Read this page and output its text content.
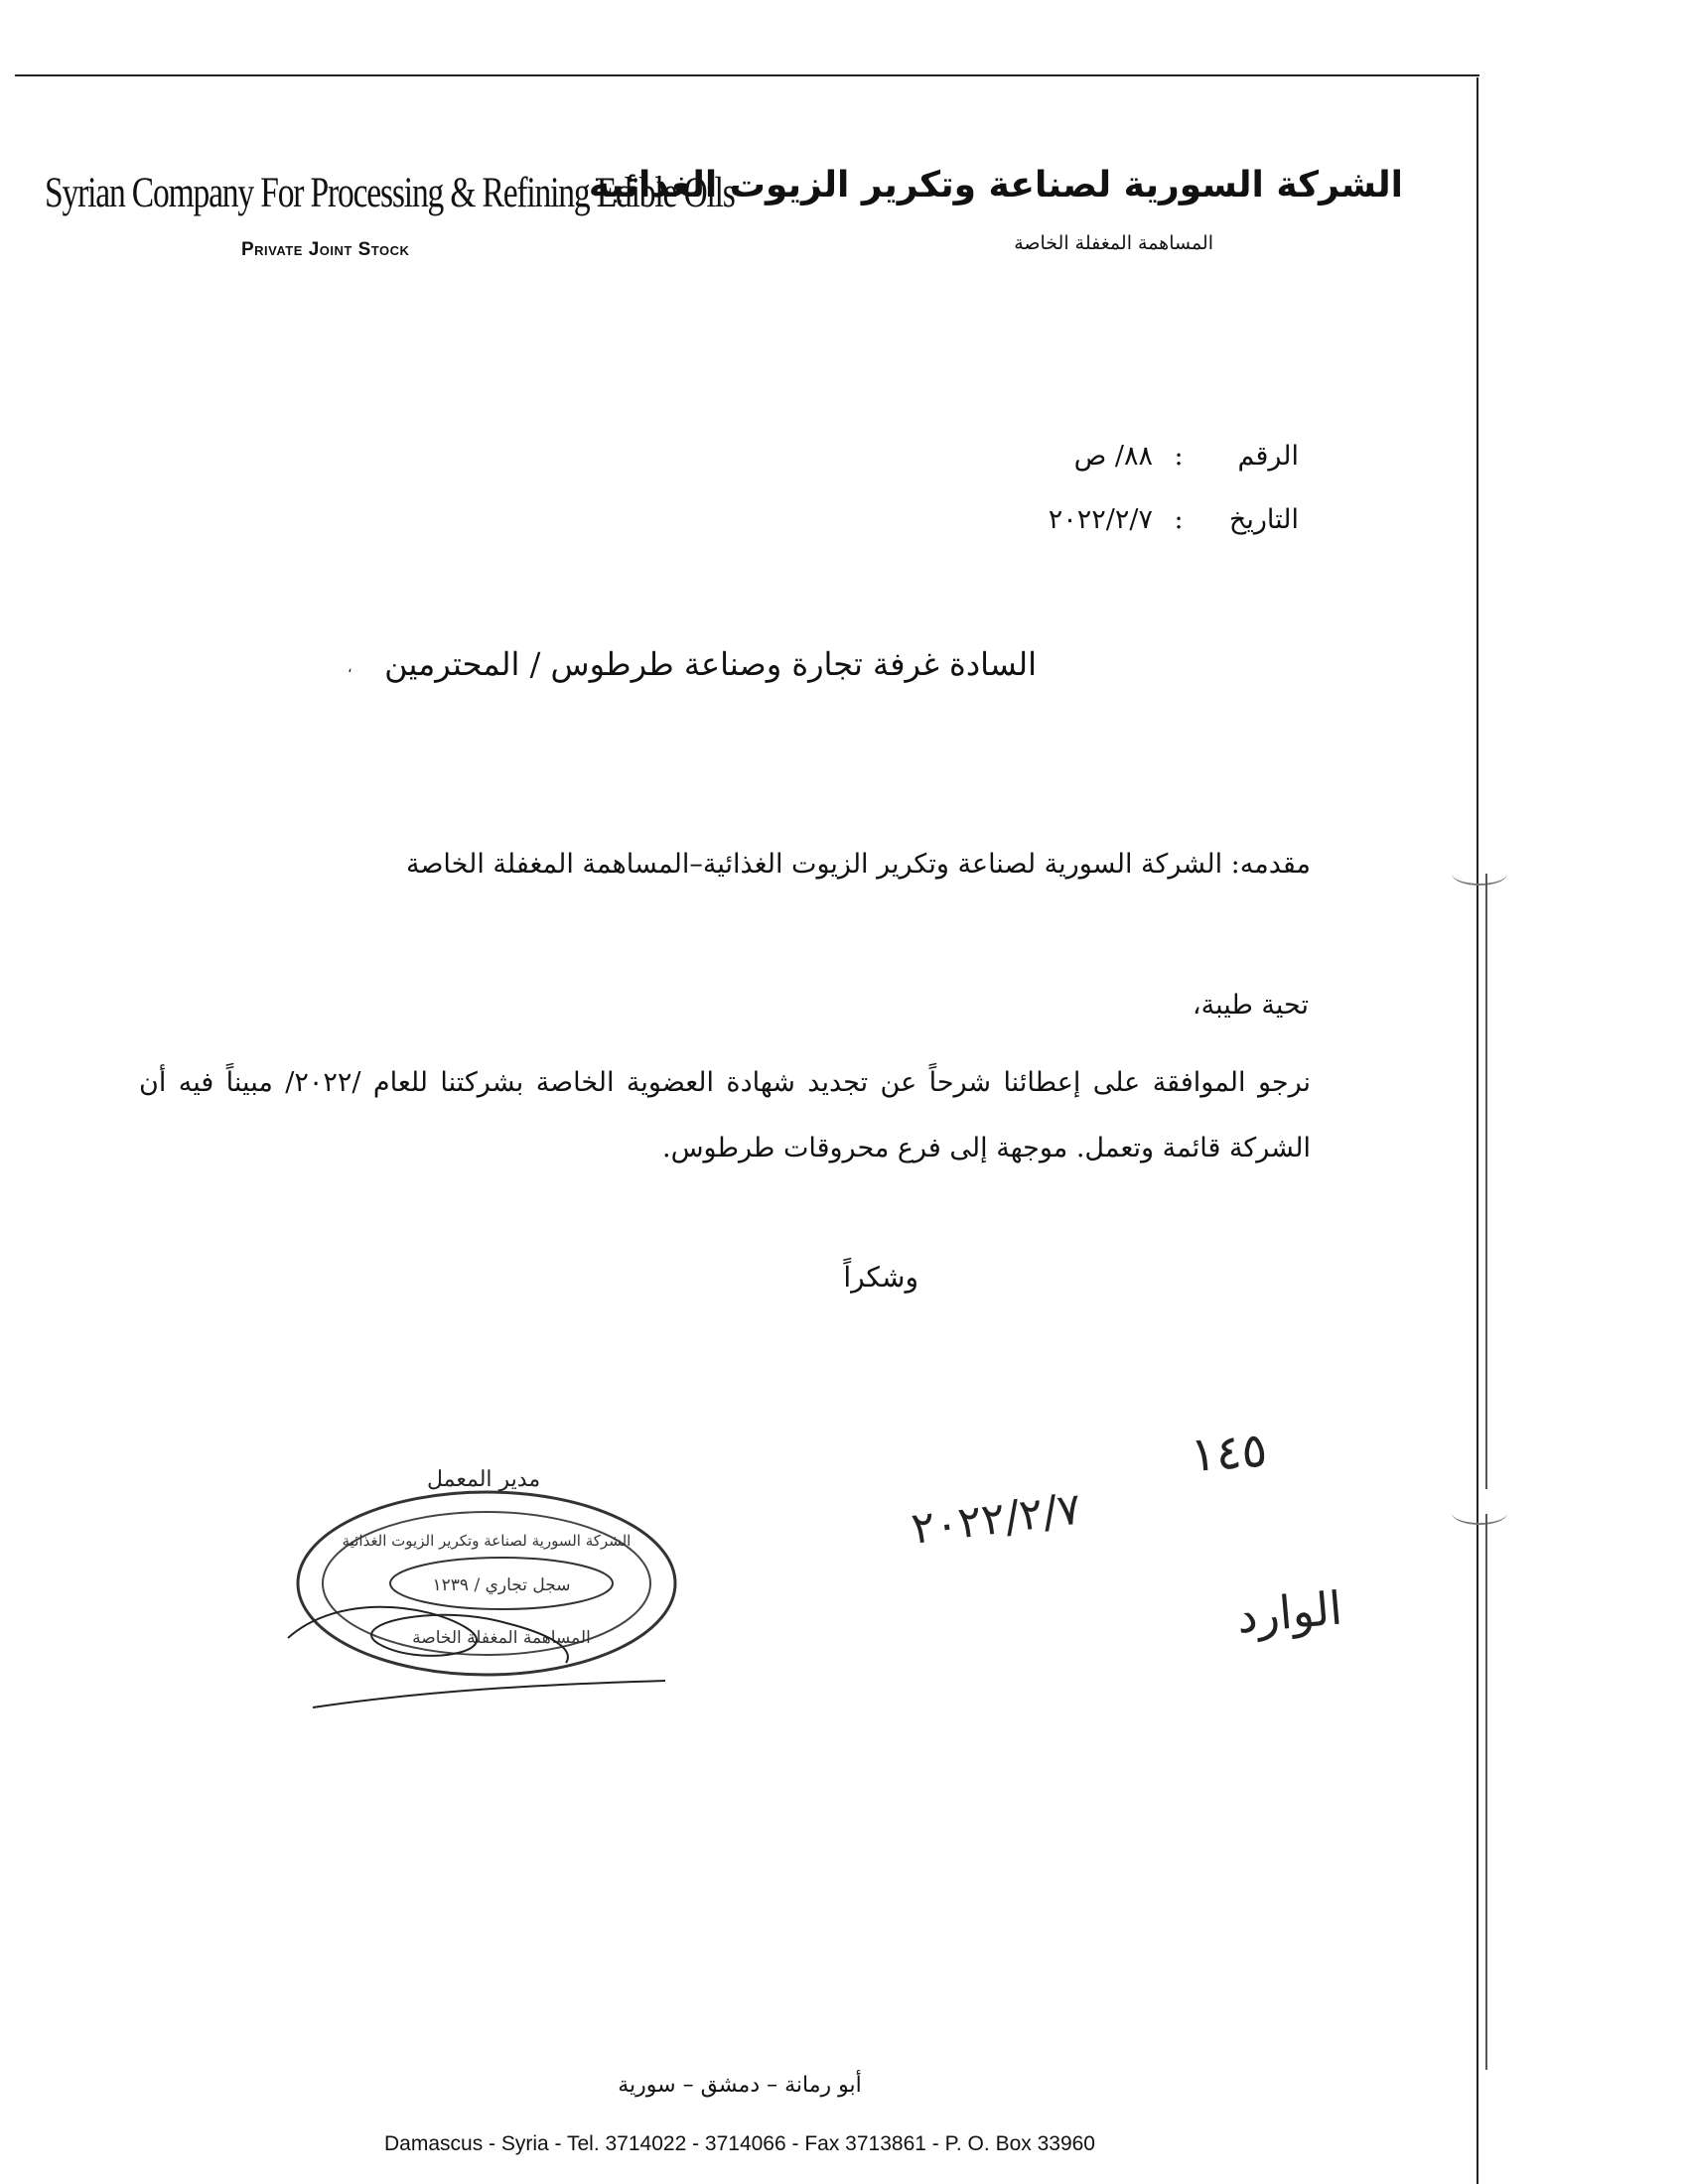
Syrian Company For Processing & Refining Edible Oils
Private Joint Stock
الشركة السورية لصناعة وتكرير الزيوت الغذائية
المساهمة المغفلة الخاصة
الرقم
:
٨٨/ ص
التاريخ
:
٢٠٢٢/٢/٧
السادة غرفة تجارة وصناعة طرطوس / المحترمين
،
مقدمه: الشركة السورية لصناعة وتكرير الزيوت الغذائية–المساهمة المغفلة الخاصة
تحية طيبة،
نرجو الموافقة على إعطائنا شرحاً عن تجديد شهادة العضوية الخاصة بشركتنا للعام /٢٠٢٢/ مبيناً فيه أن الشركة قائمة وتعمل. موجهة إلى فرع محروقات طرطوس.
وشكراً
مدير المعمل
الشركة السورية لصناعة وتكرير الزيوت الغذائية
سجل تجاري / ١٢٣٩
المساهمة المغفلة الخاصة
١٤٥
٢٠٢٢/٢/٧
الوارد
أبو رمانة – دمشق – سورية
Damascus - Syria - Tel. 3714022 - 3714066 - Fax 3713861 - P. O. Box 33960
